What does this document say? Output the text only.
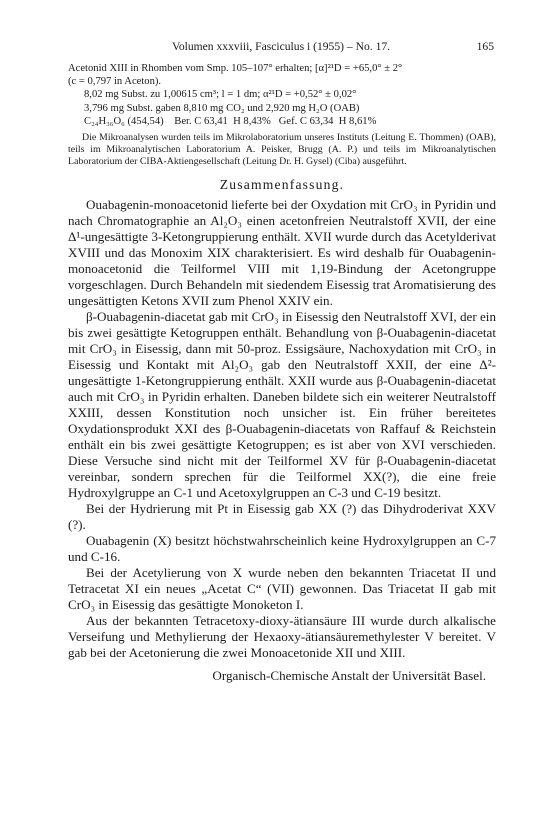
Volumen xxxviii, Fasciculus i (1955) – No. 17.	165

Acetonid XIII in Rhomben vom Smp. 105–107° erhalten; [α]²¹D = +65,0° ± 2°

(c = 0,797 in Aceton).

8,02 mg Subst. zu 1,00615 cm³; l = 1 dm; α²¹D = +0,52° ± 0,02°

3,796 mg Subst. gaben 8,810 mg CO₂ und 2,920 mg H₂O (OAB)

C₂₄H₃₆O₆ (454,54)    Ber. C 63,41  H 8,43%   Gef. C 63,34  H 8,61%

Die Mikroanalysen wurden teils im Mikrolaboratorium unseres Instituts (Leitung E. Thommen) (OAB), teils im Mikroanalytischen Laboratorium A. Peisker, Brugg (A. P.) und teils im Mikroanalytischen Laboratorium der CIBA-Aktiengesellschaft (Leitung Dr. H. Gysel) (Ciba) ausgeführt.

Zusammenfassung.

Ouabagenin-monoacetonid lieferte bei der Oxydation mit CrO₃ in Pyridin und nach Chromatographie an Al₂O₃ einen acetonfreien Neutralstoff XVII, der eine Δ¹-ungesättigte 3-Ketongruppierung enthält. XVII wurde durch das Acetylderivat XVIII und das Monoxim XIX charakterisiert. Es wird deshalb für Ouabagenin-monoacetonid die Teilformel VIII mit 1,19-Bindung der Acetongruppe vorgeschlagen. Durch Behandeln mit siedendem Eisessig trat Aromatisierung des ungesättigten Ketons XVII zum Phenol XXIV ein.

β-Ouabagenin-diacetat gab mit CrO₃ in Eisessig den Neutralstoff XVI, der ein bis zwei gesättigte Ketogruppen enthält. Behandlung von β-Ouabagenin-diacetat mit CrO₃ in Eisessig, dann mit 50-proz. Essigsäure, Nachoxydation mit CrO₃ in Eisessig und Kontakt mit Al₂O₃ gab den Neutralstoff XXII, der eine Δ²-ungesättigte 1-Ketongruppierung enthält. XXII wurde aus β-Ouabagenin-diacetat auch mit CrO₃ in Pyridin erhalten. Daneben bildete sich ein weiterer Neutralstoff XXIII, dessen Konstitution noch unsicher ist. Ein früher bereitetes Oxydationsprodukt XXI des β-Ouabagenin-diacetats von Raffauf & Reichstein enthält ein bis zwei gesättigte Ketogruppen; es ist aber von XVI verschieden. Diese Versuche sind nicht mit der Teilformel XV für β-Ouabagenin-diacetat vereinbar, sondern sprechen für die Teilformel XX(?), die eine freie Hydroxylgruppe an C-1 und Acetoxylgruppen an C-3 und C-19 besitzt.

Bei der Hydrierung mit Pt in Eisessig gab XX (?) das Dihydroderivat XXV (?).

Ouabagenin (X) besitzt höchstwahrscheinlich keine Hydroxylgruppen an C-7 und C-16.

Bei der Acetylierung von X wurde neben den bekannten Triacetat II und Tetracetat XI ein neues „Acetat C“ (VII) gewonnen. Das Triacetat II gab mit CrO₃ in Eisessig das gesättigte Monoketon I.

Aus der bekannten Tetracetoxy-dioxy-ätiansäure III wurde durch alkalische Verseifung und Methylierung der Hexaoxy-ätiansäuremethylester V bereitet. V gab bei der Acetonierung die zwei Monoacetonide XII und XIII.

Organisch-Chemische Anstalt der Universität Basel.
